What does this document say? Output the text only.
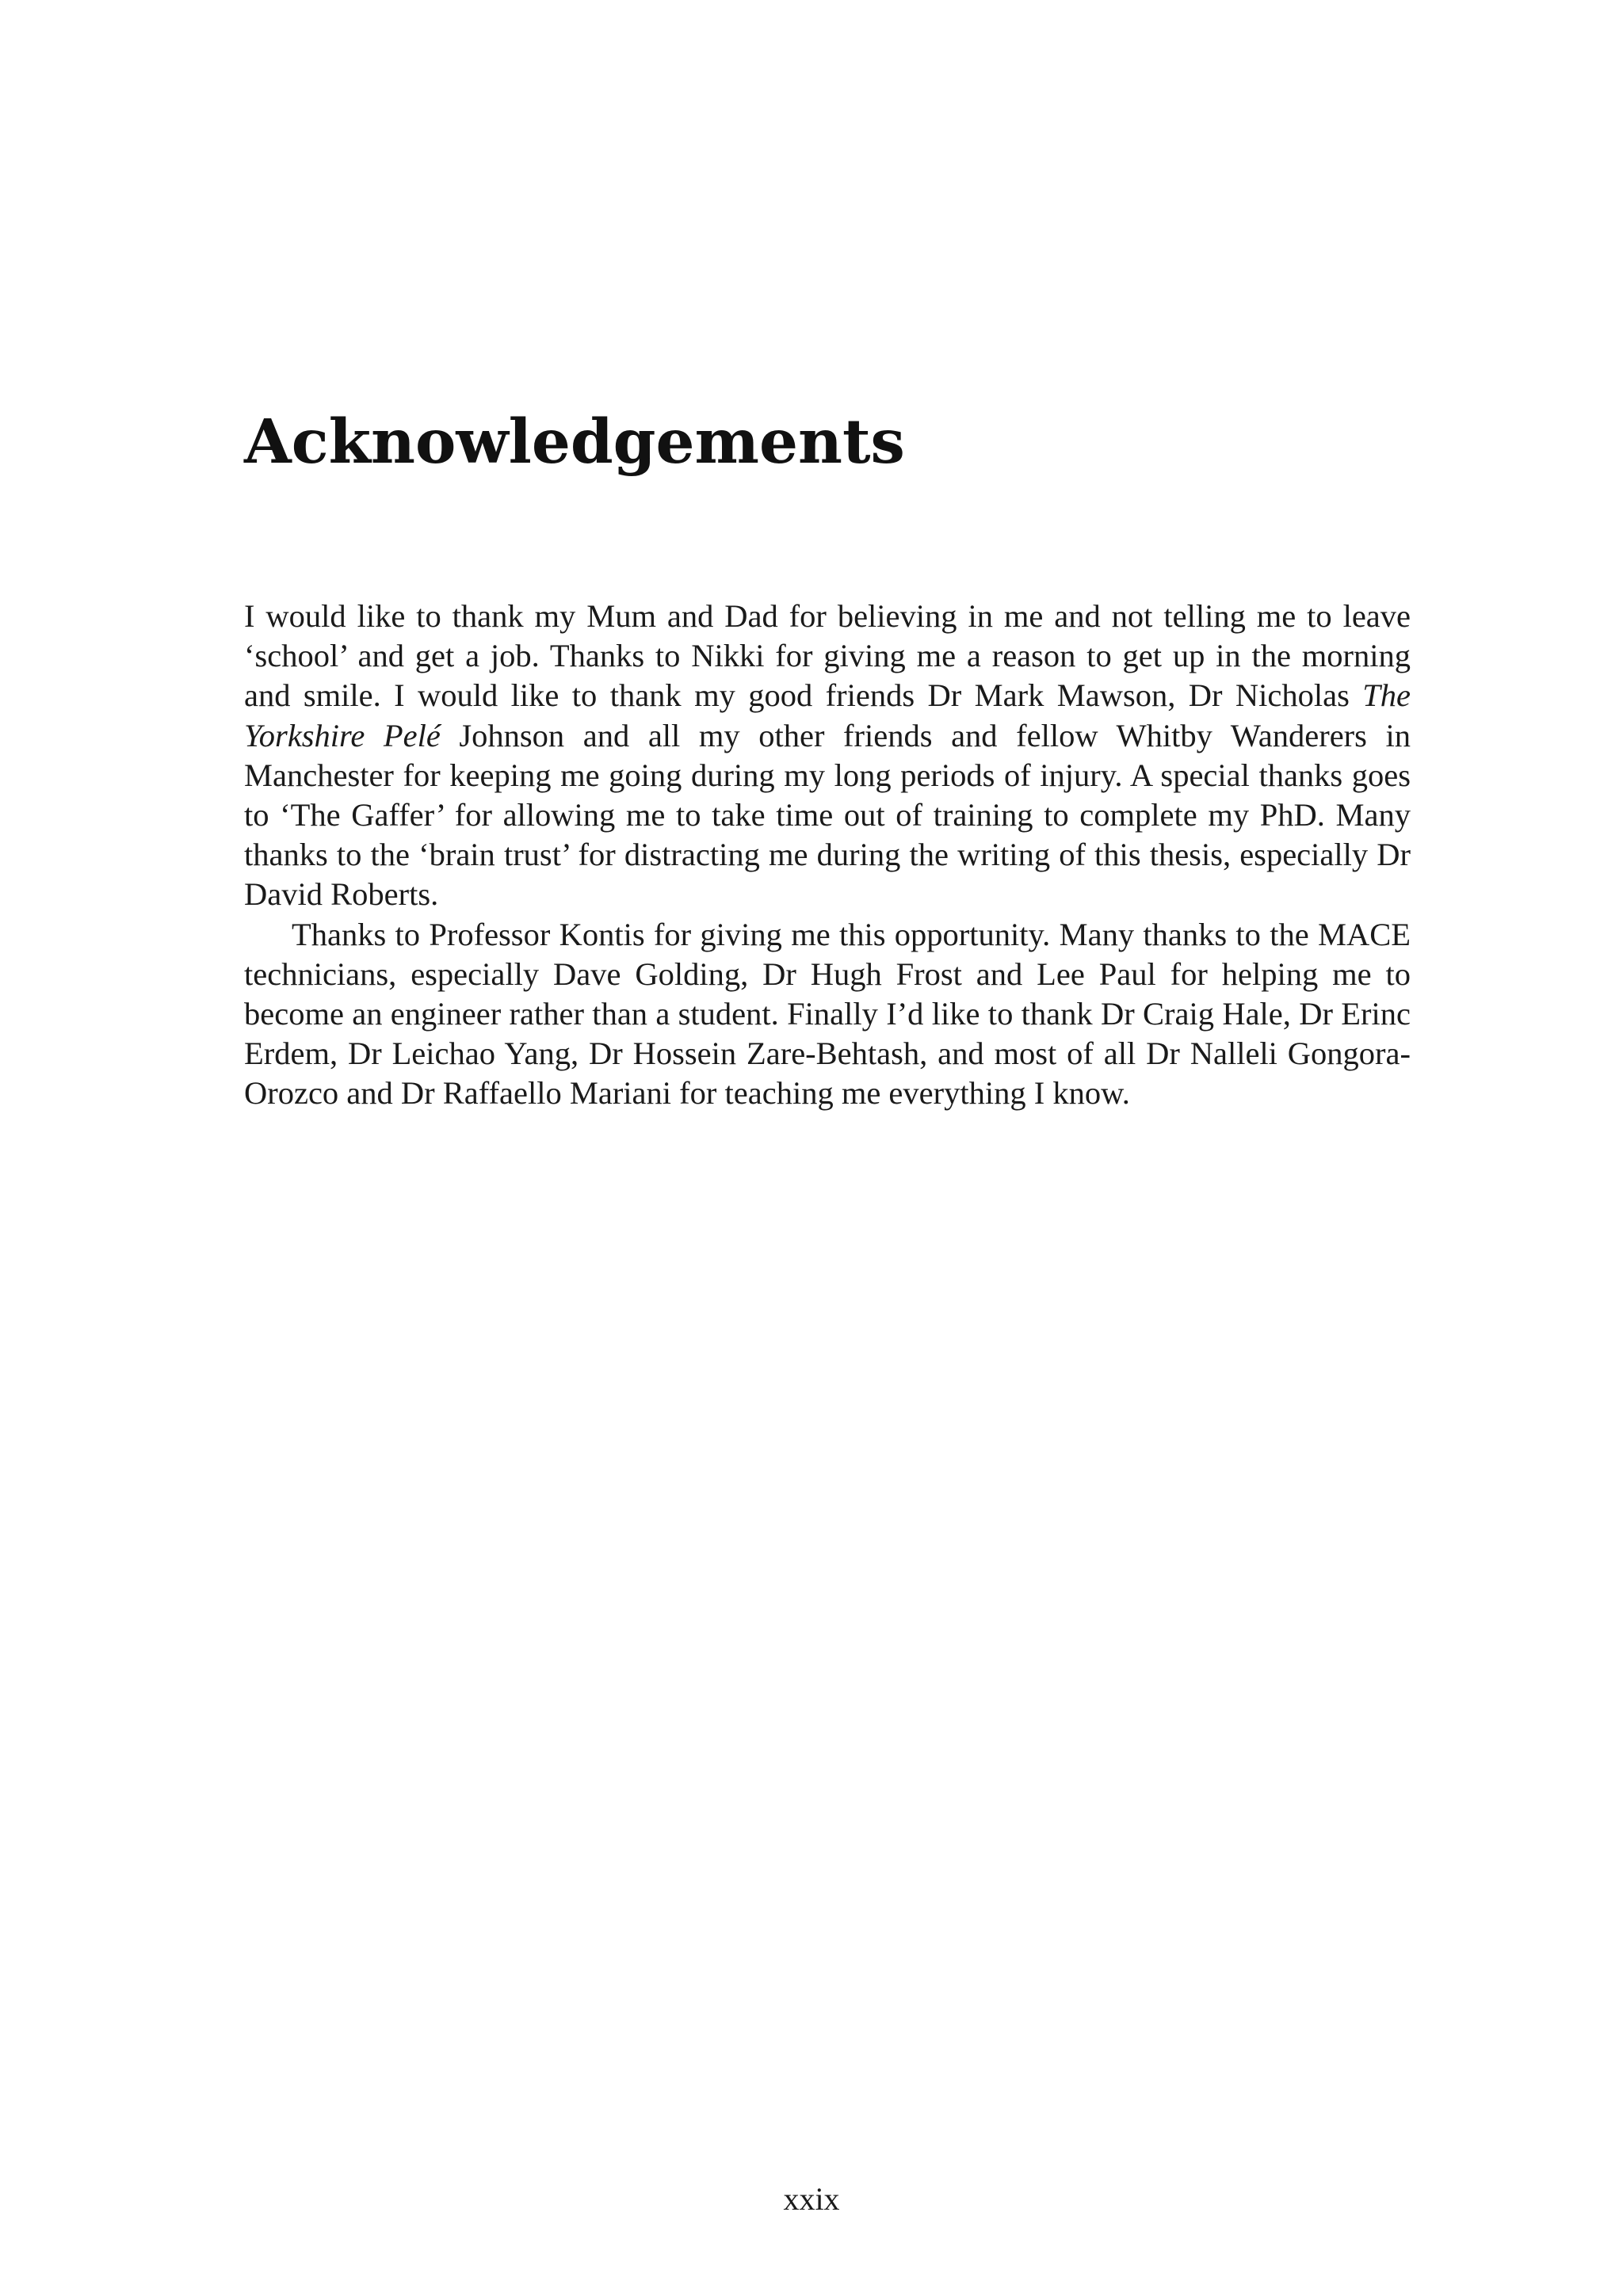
Acknowledgements

I would like to thank my Mum and Dad for believing in me and not telling me to leave ‘school’ and get a job. Thanks to Nikki for giving me a reason to get up in the morning and smile. I would like to thank my good friends Dr Mark Mawson, Dr Nicholas The Yorkshire Pelé Johnson and all my other friends and fellow Whitby Wanderers in Manchester for keeping me going during my long periods of injury. A special thanks goes to ‘The Gaffer’ for allowing me to take time out of training to complete my PhD. Many thanks to the ‘brain trust’ for distracting me during the writing of this thesis, especially Dr David Roberts.

Thanks to Professor Kontis for giving me this opportunity. Many thanks to the MACE technicians, especially Dave Golding, Dr Hugh Frost and Lee Paul for helping me to become an engineer rather than a student. Finally I’d like to thank Dr Craig Hale, Dr Erinc Erdem, Dr Leichao Yang, Dr Hossein Zare-Behtash, and most of all Dr Nalleli Gongora-Orozco and Dr Raffaello Mariani for teaching me everything I know.

xxix
